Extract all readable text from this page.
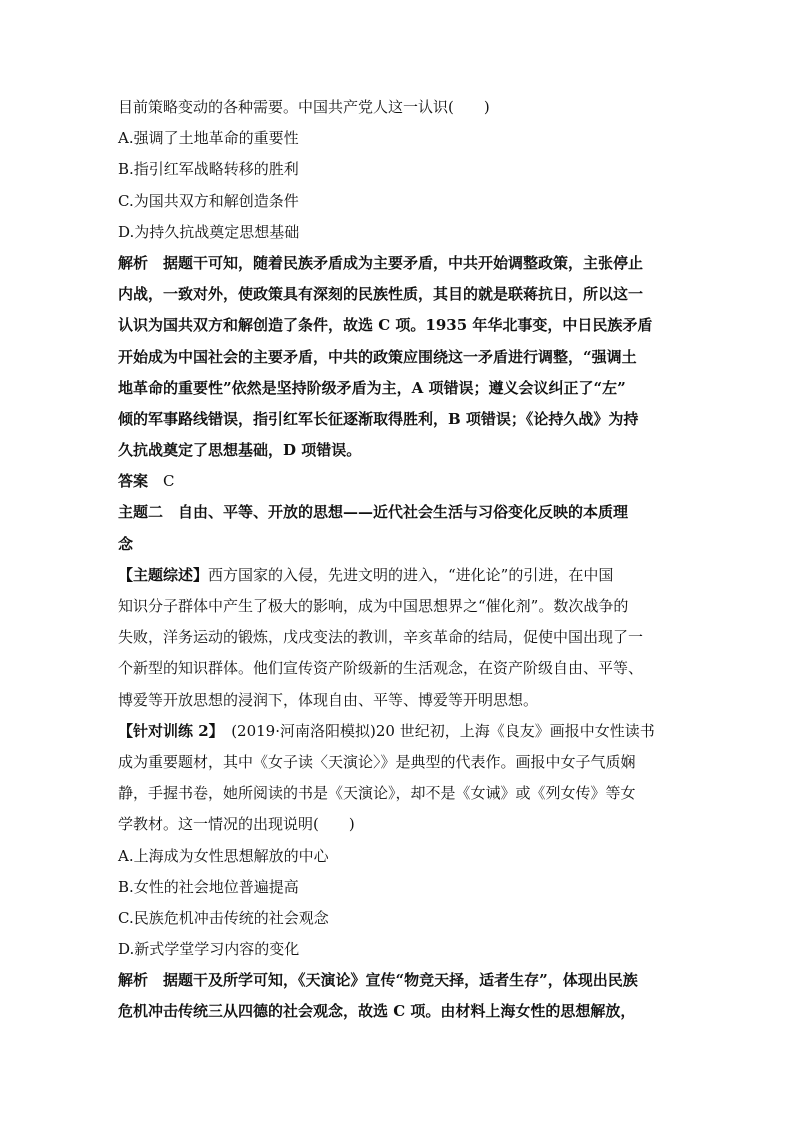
目前策略变动的各种需要。中国共产党人这一认识(　　)
A.强调了土地革命的重要性
B.指引红军战略转移的胜利
C.为国共双方和解创造条件
D.为持久抗战奠定思想基础
解析　 据题干可知，随着民族矛盾成为主要矛盾，中共开始调整政策，主张停止
内战，一致对外，使政策具有深刻的民族性质，其目的就是联蒋抗日，所以这一
认识为国共双方和解创造了条件，故选 C 项。1935 年华北事变，中日民族矛盾
开始成为中国社会的主要矛盾，中共的政策应围绕这一矛盾进行调整，“强调土
地革命的重要性”依然是坚持阶级矛盾为主，A 项错误；遵义会议纠正了“左”
倾的军事路线错误，指引红军长征逐渐取得胜利，B 项错误；《论持久战》为持
久抗战奠定了思想基础，D 项错误。
答案　 C
主题二　自由、平等、开放的思想——近代社会生活与习俗变化反映的本质理
念
【主题综述】西方国家的入侵，先进文明的进入，“进化论”的引进，在中国
知识分子群体中产生了极大的影响，成为中国思想界之“催化剂”。数次战争的
失败，洋务运动的锻炼，戊戌变法的教训，辛亥革命的结局，促使中国出现了一
个新型的知识群体。他们宣传资产阶级新的生活观念，在资产阶级自由、平等、
博爱等开放思想的浸润下，体现自由、平等、博爱等开明思想。
【针对训练 2】　 (2019·河南洛阳模拟)20 世纪初，上海《良友》画报中女性读书
成为重要题材，其中《女子读〈天演论〉》是典型的代表作。画报中女子气质娴
静，手握书卷，她所阅读的书是《天演论》，却不是《女诫》或《列女传》等女
学教材。这一情况的出现说明(　　)
A.上海成为女性思想解放的中心
B.女性的社会地位普遍提高
C.民族危机冲击传统的社会观念
D.新式学堂学习内容的变化
解析　 据题干及所学可知，《天演论》宣传“物竞天择，适者生存”，体现出民族
危机冲击传统三从四德的社会观念，故选 C 项。由材料上海女性的思想解放，
